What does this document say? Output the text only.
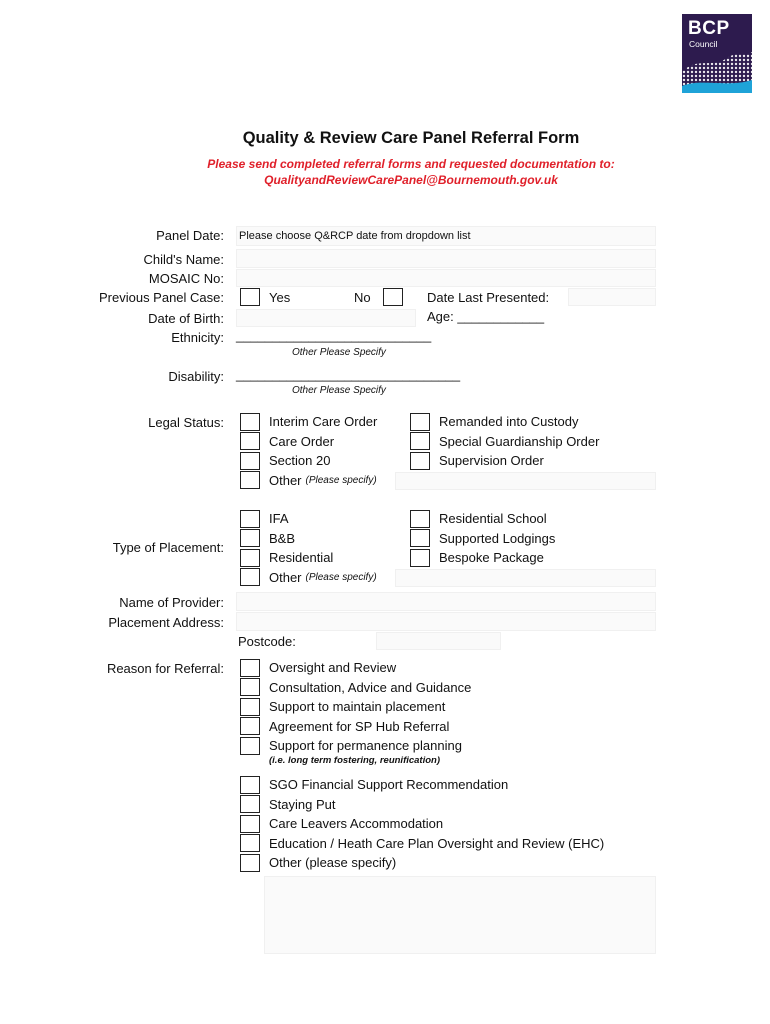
BCP
Council
Quality & Review Care Panel Referral Form
Please send completed referral forms and requested documentation to:
QualityandReviewCarePanel@Bournemouth.gov.uk
Panel Date: Please choose Q&RCP date from dropdown list
Child's Name:
MOSAIC No:
Previous Panel Case:	Yes	No	Date Last Presented:
Age: ____________
Date of Birth:
Ethnicity: ___________________________
Other Please Specify
Disability: _______________________________
Other Please Specify
Legal Status:	Interim Care Order
Care Order
Section 20
Other (Please specify)
Remanded into Custody
Special Guardianship Order
Supervision Order
Type of Placement:
IFA
B&B
Residential
Other (Please specify)
Residential School
Supported Lodgings
Bespoke Package
Name of Provider:
Placement Address:
Postcode:
Reason for Referral:	Oversight and Review
Consultation, Advice and Guidance
Support to maintain placement
Agreement for SP Hub Referral
Support for permanence planning
(i.e. long term fostering, reunification)
SGO Financial Support Recommendation
Staying Put
Care Leavers Accommodation
Education / Heath Care Plan Oversight and Review (EHC)
Other (please specify)
